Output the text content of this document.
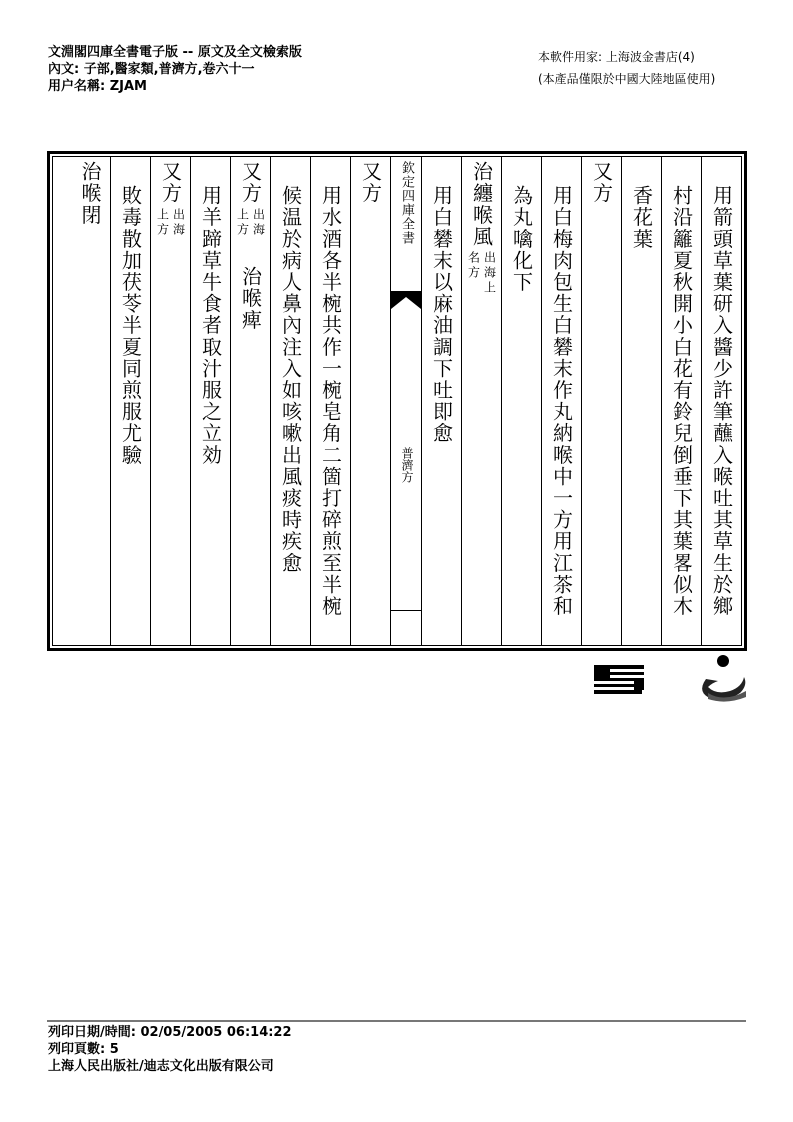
文淵閣四庫全書電子版 -- 原文及全文檢索版
內文: 子部,醫家類,普濟方,卷六十一
用户名稱: ZJAM
本軟件用家: 上海波金書店(4)
(本產品僅限於中國大陸地區使用)
用箭頭草葉研入醬少許筆蘸入喉吐其草生於鄉
村沿籬夏秋開小白花有鈴兒倒垂下其葉畧似木
香花葉
又方
用白梅肉包生白礬末作丸納喉中一方用江茶和
為丸噙化下
治纏喉風
出海上
名方
用白礬末以麻油調下吐即愈
欽定四庫全書
普濟方
又方
用水酒各半椀共作一椀皂角二箇打碎煎至半椀
候温於病人鼻內注入如咳嗽出風痰時疾愈
又方
出海
上方
治喉痺
用羊蹄草牛食者取汁服之立効
又方
出海
上方
敗毒散加茯苓半夏同煎服尤驗
治喉閉
列印日期/時間: 02/05/2005 06:14:22
列印頁數: 5
上海人民出版社/迪志文化出版有限公司
